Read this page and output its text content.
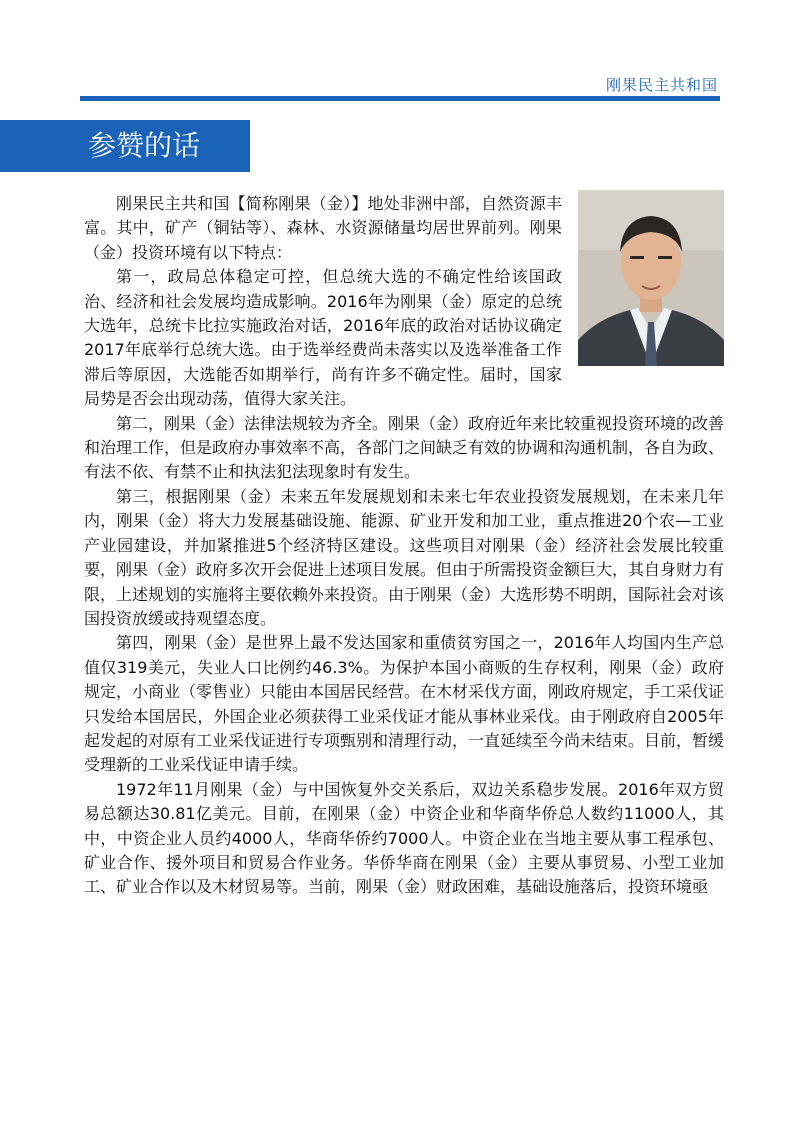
刚果民主共和国
参赞的话

刚果民主共和国【简称刚果（金）】地处非洲中部，自然资源丰富。其中，矿产（铜钴等）、森林、水资源储量均居世界前列。刚果（金）投资环境有以下特点：

第一，政局总体稳定可控，但总统大选的不确定性给该国政治、经济和社会发展均造成影响。2016年为刚果（金）原定的总统大选年，总统卡比拉实施政治对话，2016年底的政治对话协议确定2017年底举行总统大选。由于选举经费尚未落实以及选举准备工作滞后等原因，大选能否如期举行，尚有许多不确定性。届时，国家局势是否会出现动荡，值得大家关注。

第二，刚果（金）法律法规较为齐全。刚果（金）政府近年来比较重视投资环境的改善和治理工作，但是政府办事效率不高，各部门之间缺乏有效的协调和沟通机制，各自为政、有法不依、有禁不止和执法犯法现象时有发生。

第三，根据刚果（金）未来五年发展规划和未来七年农业投资发展规划，在未来几年内，刚果（金）将大力发展基础设施、能源、矿业开发和加工业，重点推进20个农—工业产业园建设，并加紧推进5个经济特区建设。这些项目对刚果（金）经济社会发展比较重要，刚果（金）政府多次开会促进上述项目发展。但由于所需投资金额巨大，其自身财力有限，上述规划的实施将主要依赖外来投资。由于刚果（金）大选形势不明朗，国际社会对该国投资放缓或持观望态度。

第四，刚果（金）是世界上最不发达国家和重债贫穷国之一，2016年人均国内生产总值仅319美元，失业人口比例约46.3%。为保护本国小商贩的生存权利，刚果（金）政府规定，小商业（零售业）只能由本国居民经营。在木材采伐方面，刚政府规定，手工采伐证只发给本国居民，外国企业必须获得工业采伐证才能从事林业采伐。由于刚政府自2005年起发起的对原有工业采伐证进行专项甄别和清理行动，一直延续至今尚未结束。目前，暂缓受理新的工业采伐证申请手续。

1972年11月刚果（金）与中国恢复外交关系后，双边关系稳步发展。2016年双方贸易总额达30.81亿美元。目前，在刚果（金）中资企业和华商华侨总人数约11000人，其中，中资企业人员约4000人，华商华侨约7000人。中资企业在当地主要从事工程承包、矿业合作、援外项目和贸易合作业务。华侨华商在刚果（金）主要从事贸易、小型工业加工、矿业合作以及木材贸易等。当前，刚果（金）财政困难，基础设施落后，投资环境亟
